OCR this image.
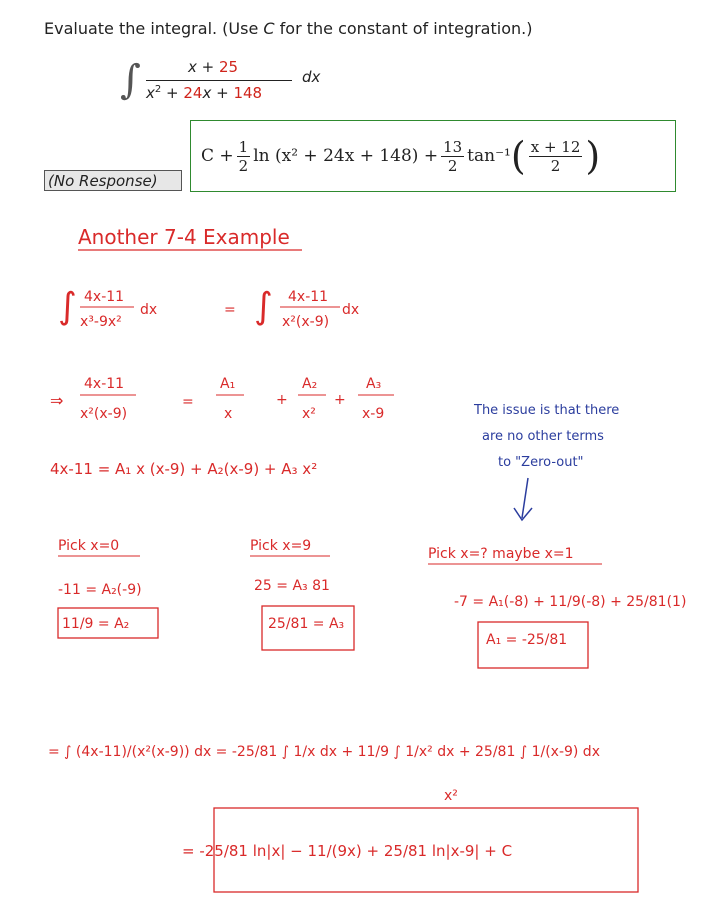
Evaluate the integral. (Use C for the constant of integration.)
∫	x + 25
$x^2 + 24x + 148$
dx
$C + \frac{1}{2}$ $\ln (x^2 + 24x + 148) + \frac{13}{2} \tan^{-1}$ ( x + 12
2 )
(No Response)
Another 7-4 Example
∫ 4x-11
x³-9x²
dx	= ∫ 4x-11
x²(x-9)
dx
⇒
4x-11
x²(x-9)
=
A₁
x
+
A₂
x²
+
A₃
x-9	The issue is that there
are no other terms
to "Zero-out"
4x-11 = A₁ x (x-9) + A₂(x-9) + A₃ x²
Pick x=0
-11 = A₂(-9)
11/9 = A₂
Pick x=9
25 = A₃ 81
25/81 = A₃
Pick x=? maybe x=1
-7 = A₁(-8) + 11/9(-8) + 25/81(1)
A₁ = -25/81
= ∫ (4x-11)/(x²(x-9)) dx = -25/81 ∫ 1/x dx + 11/9 ∫ 1/x² dx + 25/81 ∫ 1/(x-9) dx
x²
= -25/81 ln|x| − 11/(9x) + 25/81 ln|x-9| + C
